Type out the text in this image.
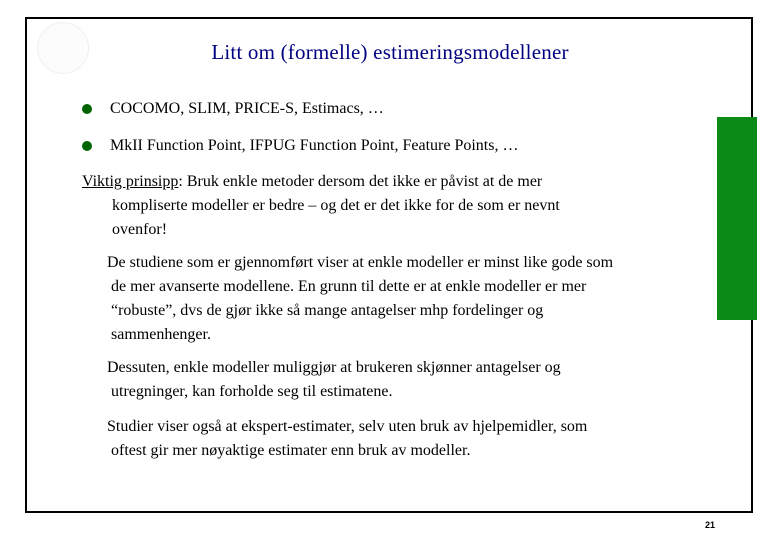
Litt om (formelle) estimeringsmodellener
COCOMO, SLIM, PRICE-S, Estimacs, …
MkII Function Point, IFPUG Function Point, Feature Points, …
Viktig prinsipp: Bruk enkle metoder dersom det ikke er påvist at de mer
kompliserte modeller er bedre – og det er det ikke for de som er nevnt
ovenfor!
De studiene som er gjennomført viser at enkle modeller er minst like gode som
de mer avanserte modellene. En grunn til dette er at enkle modeller er mer
“robuste”, dvs de gjør ikke så mange antagelser mhp fordelinger og
sammenhenger.
Dessuten, enkle modeller muliggjør at brukeren skjønner antagelser og
utregninger, kan forholde seg til estimatene.
Studier viser også at ekspert-estimater, selv uten bruk av hjelpemidler, som
oftest gir mer nøyaktige estimater enn bruk av modeller.
21
